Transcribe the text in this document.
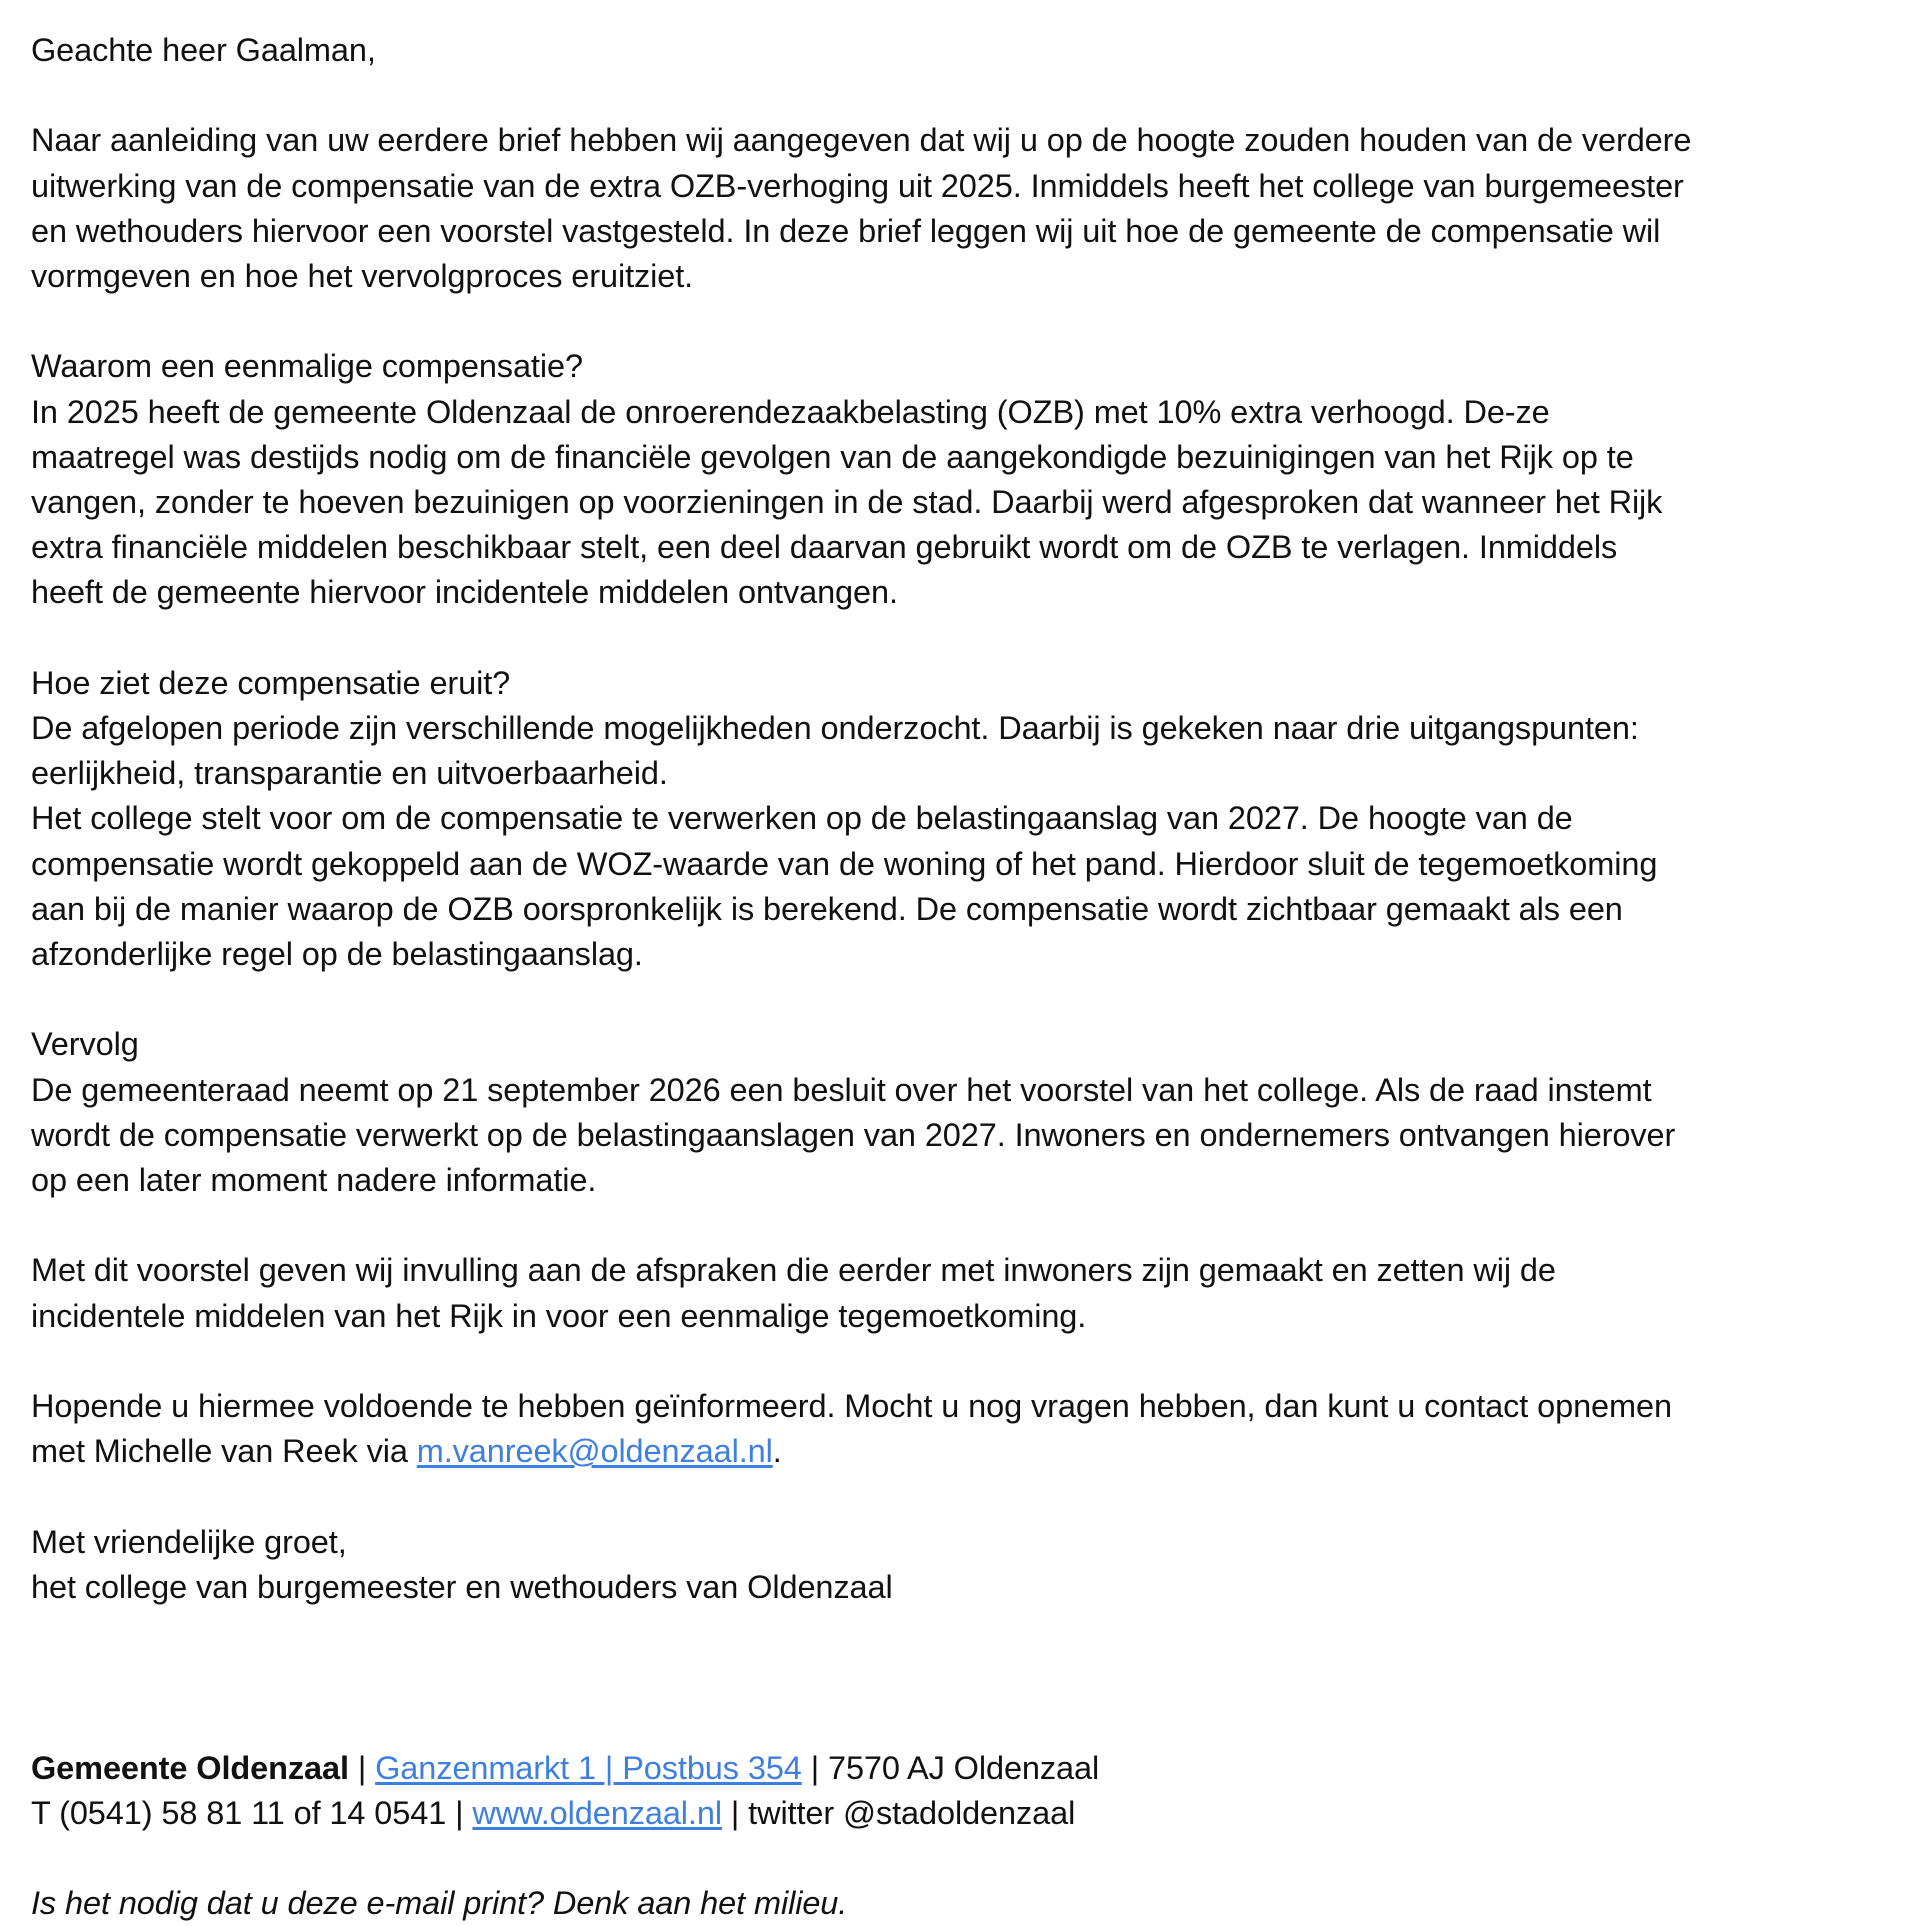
Geachte heer Gaalman,

Naar aanleiding van uw eerdere brief hebben wij aangegeven dat wij u op de hoogte zouden houden van de verdere
uitwerking van de compensatie van de extra OZB-verhoging uit 2025. Inmiddels heeft het college van burgemeester
en wethouders hiervoor een voorstel vastgesteld. In deze brief leggen wij uit hoe de gemeente de compensatie wil
vormgeven en hoe het vervolgproces eruitziet.

Waarom een eenmalige compensatie?
In 2025 heeft de gemeente Oldenzaal de onroerendezaakbelasting (OZB) met 10% extra verhoogd. De-ze
maatregel was destijds nodig om de financiële gevolgen van de aangekondigde bezuinigingen van het Rijk op te
vangen, zonder te hoeven bezuinigen op voorzieningen in de stad. Daarbij werd afgesproken dat wanneer het Rijk
extra financiële middelen beschikbaar stelt, een deel daarvan gebruikt wordt om de OZB te verlagen. Inmiddels
heeft de gemeente hiervoor incidentele middelen ontvangen.

Hoe ziet deze compensatie eruit?
De afgelopen periode zijn verschillende mogelijkheden onderzocht. Daarbij is gekeken naar drie uitgangspunten:
eerlijkheid, transparantie en uitvoerbaarheid.
Het college stelt voor om de compensatie te verwerken op de belastingaanslag van 2027. De hoogte van de
compensatie wordt gekoppeld aan de WOZ-waarde van de woning of het pand. Hierdoor sluit de tegemoetkoming
aan bij de manier waarop de OZB oorspronkelijk is berekend. De compensatie wordt zichtbaar gemaakt als een
afzonderlijke regel op de belastingaanslag.

Vervolg
De gemeenteraad neemt op 21 september 2026 een besluit over het voorstel van het college. Als de raad instemt
wordt de compensatie verwerkt op de belastingaanslagen van 2027. Inwoners en ondernemers ontvangen hierover
op een later moment nadere informatie.

Met dit voorstel geven wij invulling aan de afspraken die eerder met inwoners zijn gemaakt en zetten wij de
incidentele middelen van het Rijk in voor een eenmalige tegemoetkoming.

Hopende u hiermee voldoende te hebben geïnformeerd. Mocht u nog vragen hebben, dan kunt u contact opnemen
met Michelle van Reek via m.vanreek@oldenzaal.nl.

Met vriendelijke groet,
het college van burgemeester en wethouders van Oldenzaal

Gemeente Oldenzaal | Ganzenmarkt 1 | Postbus 354 | 7570 AJ Oldenzaal
T (0541) 58 81 11 of 14 0541 | www.oldenzaal.nl | twitter @stadoldenzaal

Is het nodig dat u deze e-mail print? Denk aan het milieu.
